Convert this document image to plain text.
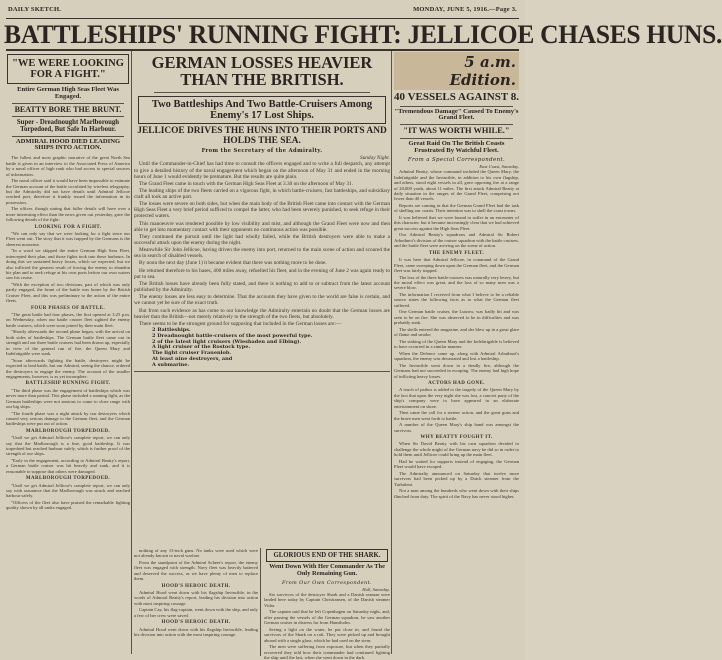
DAILY SKETCH.	MONDAY, JUNE 5, 1916.—Page 3.
BATTLESHIPS' RUNNING FIGHT: JELLICOE CHASES HUNS.
"WE WERE LOOKING FOR A FIGHT."
Entire German High Seas Fleet Was Engaged.
BEATTY BORE THE BRUNT.
Super - Dreadnought Marlborough Torpedoed, But Safe In Harbour.
ADMIRAL HOOD DIED LEADING SHIPS INTO ACTION.

The fullest and most graphic narrative of the great North Sea battle is given in an interview to the Associated Press of America by a naval officer of high rank who had access to special sources of information.

The naval officer said it would have been impossible to estimate the German account of the battle circulated by wireless telegraphy, but the Admiralty did not have details until Admiral Jellicoe reached port, therefore it frankly issued the information in its possession.

The officer, though stating that fuller details will have over a more interesting effect than the news given out yesterday, gave the following details of the fight:

LOOKING FOR A FIGHT.

"We can only say that we were looking for a fight since our Fleet went out. The story that it was trapped by the Germans is the sheerest nonsense.

"In a word we skipped the entire German High Seas Fleet, intercepted their plan, and those fights took into these harbours. In doing this we sustained heavy losses, which we expected, but we also inflicted the greatest result of forcing the enemy to abandon his plan and to seek refuge at his own ports before our own waters saw his cruise.

"With the exception of two divisions, part of which was only partly engaged, the brunt of the battle was borne by the British Cruiser Fleet, and this was preliminary to the action of the entire fleets.

FOUR PHASES OF BATTLE.

"The great battle had four phases, the first opened at 3.25 p.m. on Wednesday, when our battle cruiser fleet sighted the enemy battle cruisers, which were soon joined by their main fleet.

"Shortly afterwards the second phase began, with the arrival on both sides of battleships. The German battle fleet came out in strength and our three battle cruisers had been drawn up, especially in view of the general run of fire, the Queen Mary and Indefatigable were sunk.

"Soon afterwards fighting the battle, destroyers might be expected to lead battle, but our Admiral, seeing the chance, ordered the destroyers to engage the enemy. The account of the smaller engagements, however, is as yet incomplete.

BATTLESHIP RUNNING FIGHT.

"The third phase was the engagement of battleships which was never more than partial. This phase included a running fight, as the German battleships were not anxious to come to close range with our big ships.

"The fourth phase was a night attack by our destroyers which caused very serious damage to the German fleet, and the German battleships were put out of action.

MARLBOROUGH TORPEDOED.

"Until we get Admiral Jellicoe's complete report, we can only say that the Marlborough is a fine, good battleship. It was torpedoed but reached harbour safely, which is further proof of the strength of our ships.

"Early in the engagement, according to Admiral Beatty's report, a German battle cruiser was hit heavily and sunk, and it is reasonable to suppose that others were damaged.

MARLBOROUGH TORPEDOED.

"Until we get Admiral Jellicoe's complete report, we can only say with assurance that the Marlborough was struck and reached harbour safely.

"Officers of the fleet also have praised the remarkable fighting quality shown by all ranks engaged.

GERMAN LOSSES HEAVIER THAN THE BRITISH.
Two Battleships And Two Battle-Cruisers Among Enemy's 17 Lost Ships.
JELLICOE DRIVES THE HUNS INTO THEIR PORTS AND HOLDS THE SEA.
From the Secretary of the Admiralty.
Sunday Night.

Until the Commander-in-Chief has had time to consult the officers engaged and to write a full despatch, any attempt to give a detailed history of the naval engagement which began on the afternoon of May 31 and ended in the morning hours of June 1 would evidently be premature. But the results are quite plain.

The Grand Fleet came in touch with the German High Seas Fleet at 3.30 on the afternoon of May 31.

The leading ships of the two fleets carried on a vigorous fight, in which battle-cruisers, fast battleships, and subsidiary craft all took an active part.

The losses were severe on both sides, but when the main body of the British Fleet came into contact with the German High Seas Fleet a very brief period sufficed to compel the latter, who had been severely punished, to seek refuge in their protected waters.

This manoeuvre was rendered possible by low visibility and mist, and although the Grand Fleet were now and then able to get into momentary contact with their opponents no continuous action was possible.

They continued the pursuit until the light had wholly failed, while the British destroyers were able to make a successful attack upon the enemy during the night.

Meanwhile Sir John Jellicoe, having driven the enemy into port, returned to the main scene of action and scoured the sea in search of disabled vessels.

By noon the next day (June 1) it became evident that there was nothing more to be done.

He returned therefore to his bases, 400 miles away, refuelled his fleet, and in the evening of June 2 was again ready to put to sea.

The British losses have already been fully stated, and there is nothing to add to or subtract from the latest account published by the Admiralty.

The enemy losses are less easy to determine. That the accounts they have given to the world are false is certain, and we cannot yet be sure of the exact truth.

But from such evidence as has come to our knowledge the Admiralty entertain no doubt that the German losses are heavier than the British—not merely relatively to the strength of the two fleets, but absolutely.

There seems to be the strongest ground for supposing that included in the German losses are:—

2 Battleships.
2 Dreadnought battle-cruisers of the most powerful type.
2 of the latest light cruisers (Wiesbaden and Elbing).
A light cruiser of the Rostock type.
The light cruiser Frauenlob.
At least nine destroyers, and
A submarine.

nothing of any 13-inch guns. No tanks were used which were not already known to naval warfare.

From the standpoint of the Admiral Scheer's report, the enemy fleet was engaged with strength. Navy fleet was heavily battered and deserved the success, as we have plenty of men to replace them.

HOOD'S HEROIC DEATH.

Admiral Hood went down with his flagship Invincible, in the words of Admiral Beatty's report, leading his division into action with most inspiring courage.

Captain Cay, his flag-captain, went down with the ship, and only a few of her crew were saved.

HOOD'S HEROIC DEATH.

Admiral Hood went down with his flagship Invincible, leading his division into action with the most inspiring courage.

GLORIOUS END OF THE SHARK.
Went Down With Her Commander As The Only Remaining Gun.
From Our Own Correspondent.
Hull, Saturday.

Six survivors of the destroyer Shark and a Danish seaman were landed here today by Captain Christiansen, of the Danish steamer Vidar.

The captain said that he left Copenhagen on Saturday night, and, after passing the vessels of the German squadron, he saw another German cruiser in distress far from Hanstholm.

Seeing a light on the water, he put close in, and found the survivors of the Shark on a raft. They were picked up and brought aboard with a single glass, which he had used on the stern.

The men were suffering from exposure, but when they partially recovered they told how their commander had continued fighting the ship until the last, when she went down in the dark.

5 a.m. Edition.
40 VESSELS AGAINST 8.
"Tremendous Damage" Caused To Enemy's Grand Fleet.
"IT WAS WORTH WHILE."
Great Raid On The British Coasts Frustrated By Watchful Fleet.
From a Special Correspondent.
East Coast, Saturday.

Admiral Beatty, whose command included the Queen Mary, the Indefatigable and the Invincible, in addition to his own flagship, and others, stood eight vessels in all, gave opposing fire at a range of 20,000 yards, about 11 miles. The first attack Admiral Beatty at daily situation in the ranges of the Grand Fleet, comprising not fewer than 40 vessels.

Reports are coming in that the German Grand Fleet had the task of shelling our coasts. Their intention was to shell the coast towns.

It was believed that we were bound to suffer in an encounter of this character, but it became increasingly clear that we had achieved great success against the High Seas Fleet.

Our Admiral Beatty's squadrons and Admiral Sir Robert Arbuthnot's division of the cruiser squadron with the battle cruisers, and the battle fleet were arriving on the scene of action.

THE ENEMY FLEET.

It was here that Admiral Jellicoe, in command of the Grand Fleet, came sweeping down upon the German fleet, and the German fleet was fairly trapped.

The loss of the three battle-cruisers was naturally very heavy, but the moral effect was great, and the loss of so many men was a severe blow.

The information I received from what I believe to be a reliable source states the following facts as to what the German fleet suffered.

One German battle cruiser, the Lutzow, was badly hit and was seen to be on fire. She was observed to be in difficulties and was probably sunk.

The shells entered the magazine, and she blew up in a great glare of flame and smoke.

The sinking of the Queen Mary and the Indefatigable is believed to have occurred in a similar manner.

When the Defence came up, along with Admiral Arbuthnot's squadron, the enemy was devastated and lost a battleship.

The Invincible went down in a deadly fire, although the Germans had not succeeded in escaping. The enemy had high hope of inflicting heavy losses.

ACTORS HAD GONE.

A touch of pathos is added to the tragedy of the Queen Mary by the fact that upon the very night she was lost, a concert party of the ship's company were to have appeared in an elaborate entertainment on shore.

Then came the call for a sterner action, and the great guns and the brave men went forth to battle.

A number of the Queen Mary's ship band was amongst the survivors.

WHY BEATTY FOUGHT IT.

When Sir David Beatty with his own squadron decided to challenge the whole might of the German navy he did so in order to hold them until Jellicoe could bring up the main fleet.

Had he waited for supports instead of engaging, the German Fleet would have escaped.

The Admiralty announced on Saturday that twelve more survivors had been picked up by a Dutch steamer from the Turbulent.

Not a man among the hundreds who went down with their ships flinched from duty. The spirit of the Navy has never stood higher.
